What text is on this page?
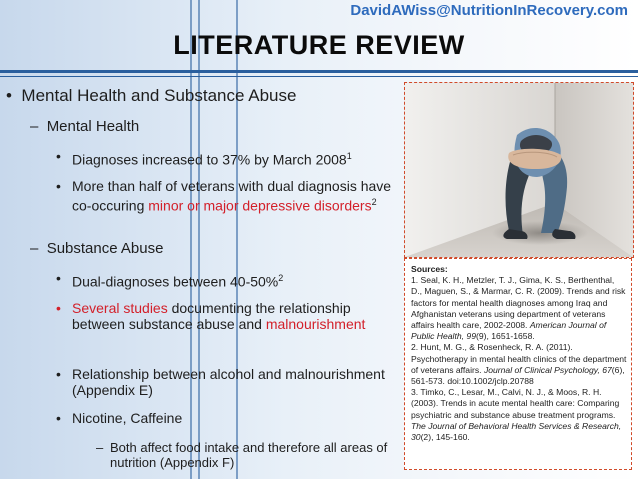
DavidAWiss@NutritionInRecovery.com
LITERATURE REVIEW
• Mental Health and Substance Abuse
– Mental Health
• Diagnoses increased to 37% by March 2008$^1$
• More than half of veterans with dual diagnosis have co-occuring minor or major depressive disorders$^2$
– Substance Abuse
• Dual-diagnoses between 40-50%$^2$
• Several studies documenting the relationship between substance abuse and malnourishment
• Relationship between alcohol and malnourishment (Appendix E)
• Nicotine, Caffeine
– Both affect food intake and therefore all areas of nutrition (Appendix F)
Sources:
1. Seal, K. H., Metzler, T. J., Gima, K. S., Berthenthal, D., Maguen, S., & Marmar, C. R. (2009). Trends and risk factors for mental health diagnoses among Iraq and Afghanistan veterans using department of veterans affairs health care, 2002-2008. American Journal of Public Health, 99(9), 1651-1658.
2. Hunt, M. G., & Rosenheck, R. A. (2011). Psychotherapy in mental health clinics of the department of veterans affairs. Journal of Clinical Psychology, 67(6), 561-573. doi:10.1002/jclp.20788
3. Timko, C., Lesar, M., Calvi, N. J., & Moos, R. H. (2003). Trends in acute mental health care: Comparing psychiatric and substance abuse treatment programs. The Journal of Behavioral Health Services & Research, 30(2), 145-160.
